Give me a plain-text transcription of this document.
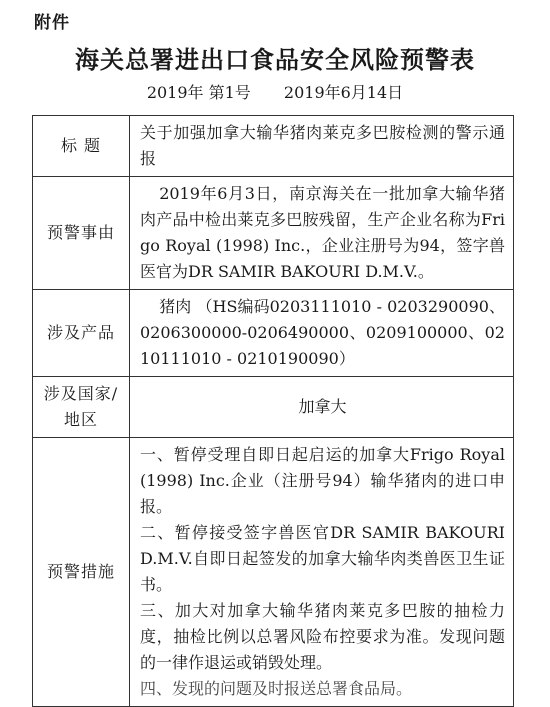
附件
海关总署进出口食品安全风险预警表
2019年 第1号 2019年6月14日
标 题	关于加强加拿大输华猪肉莱克多巴胺检测的警示通报
预警事由	2019年6月3日，南京海关在一批加拿大输华猪肉产品中检出莱克多巴胺残留，生产企业名称为Frigo Royal (1998) Inc.，企业注册号为94，签字兽医官为DR SAMIR BAKOURI D.M.V.。
涉及产品	猪肉 （HS编码0203111010 - 0203290090、0206300000-0206490000、0209100000、0210111010 - 0210190090）
涉及国家/地区	加拿大
预警措施	一、暂停受理自即日起启运的加拿大Frigo Royal (1998) Inc.企业（注册号94）输华猪肉的进口申报。
二、暂停接受签字兽医官DR SAMIR BAKOURI D.M.V.自即日起签发的加拿大输华肉类兽医卫生证书。
三、加大对加拿大输华猪肉莱克多巴胺的抽检力度，抽检比例以总署风险布控要求为准。发现问题的一律作退运或销毁处理。
四、发现的问题及时报送总署食品局。
